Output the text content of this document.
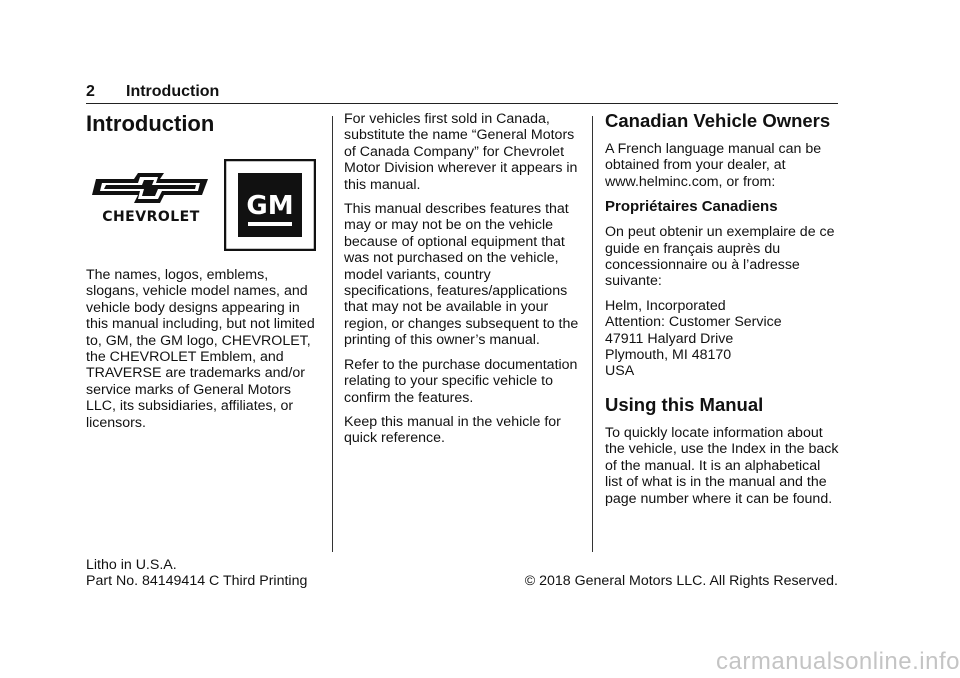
2 Introduction
Introduction
CHEVROLET GM

The names, logos, emblems, slogans, vehicle model names, and vehicle body designs appearing in this manual including, but not limited to, GM, the GM logo, CHEVROLET, the CHEVROLET Emblem, and TRAVERSE are trademarks and/or service marks of General Motors LLC, its subsidiaries, affiliates, or licensors.

For vehicles first sold in Canada, substitute the name “General Motors of Canada Company” for Chevrolet Motor Division wherever it appears in this manual.

This manual describes features that may or may not be on the vehicle because of optional equipment that was not purchased on the vehicle, model variants, country specifications, features/applications that may not be available in your region, or changes subsequent to the printing of this owner’s manual.

Refer to the purchase documentation relating to your specific vehicle to confirm the features.

Keep this manual in the vehicle for quick reference.

Canadian Vehicle Owners

A French language manual can be obtained from your dealer, at www.helminc.com, or from:

Propriétaires Canadiens

On peut obtenir un exemplaire de ce guide en français auprès du concessionnaire ou à l’adresse suivante:

Helm, Incorporated
Attention: Customer Service
47911 Halyard Drive
Plymouth, MI 48170
USA

Using this Manual

To quickly locate information about the vehicle, use the Index in the back of the manual. It is an alphabetical list of what is in the manual and the page number where it can be found.

Litho in U.S.A.
Part No. 84149414 C Third Printing	© 2018 General Motors LLC. All Rights Reserved.
carmanualsonline.info
